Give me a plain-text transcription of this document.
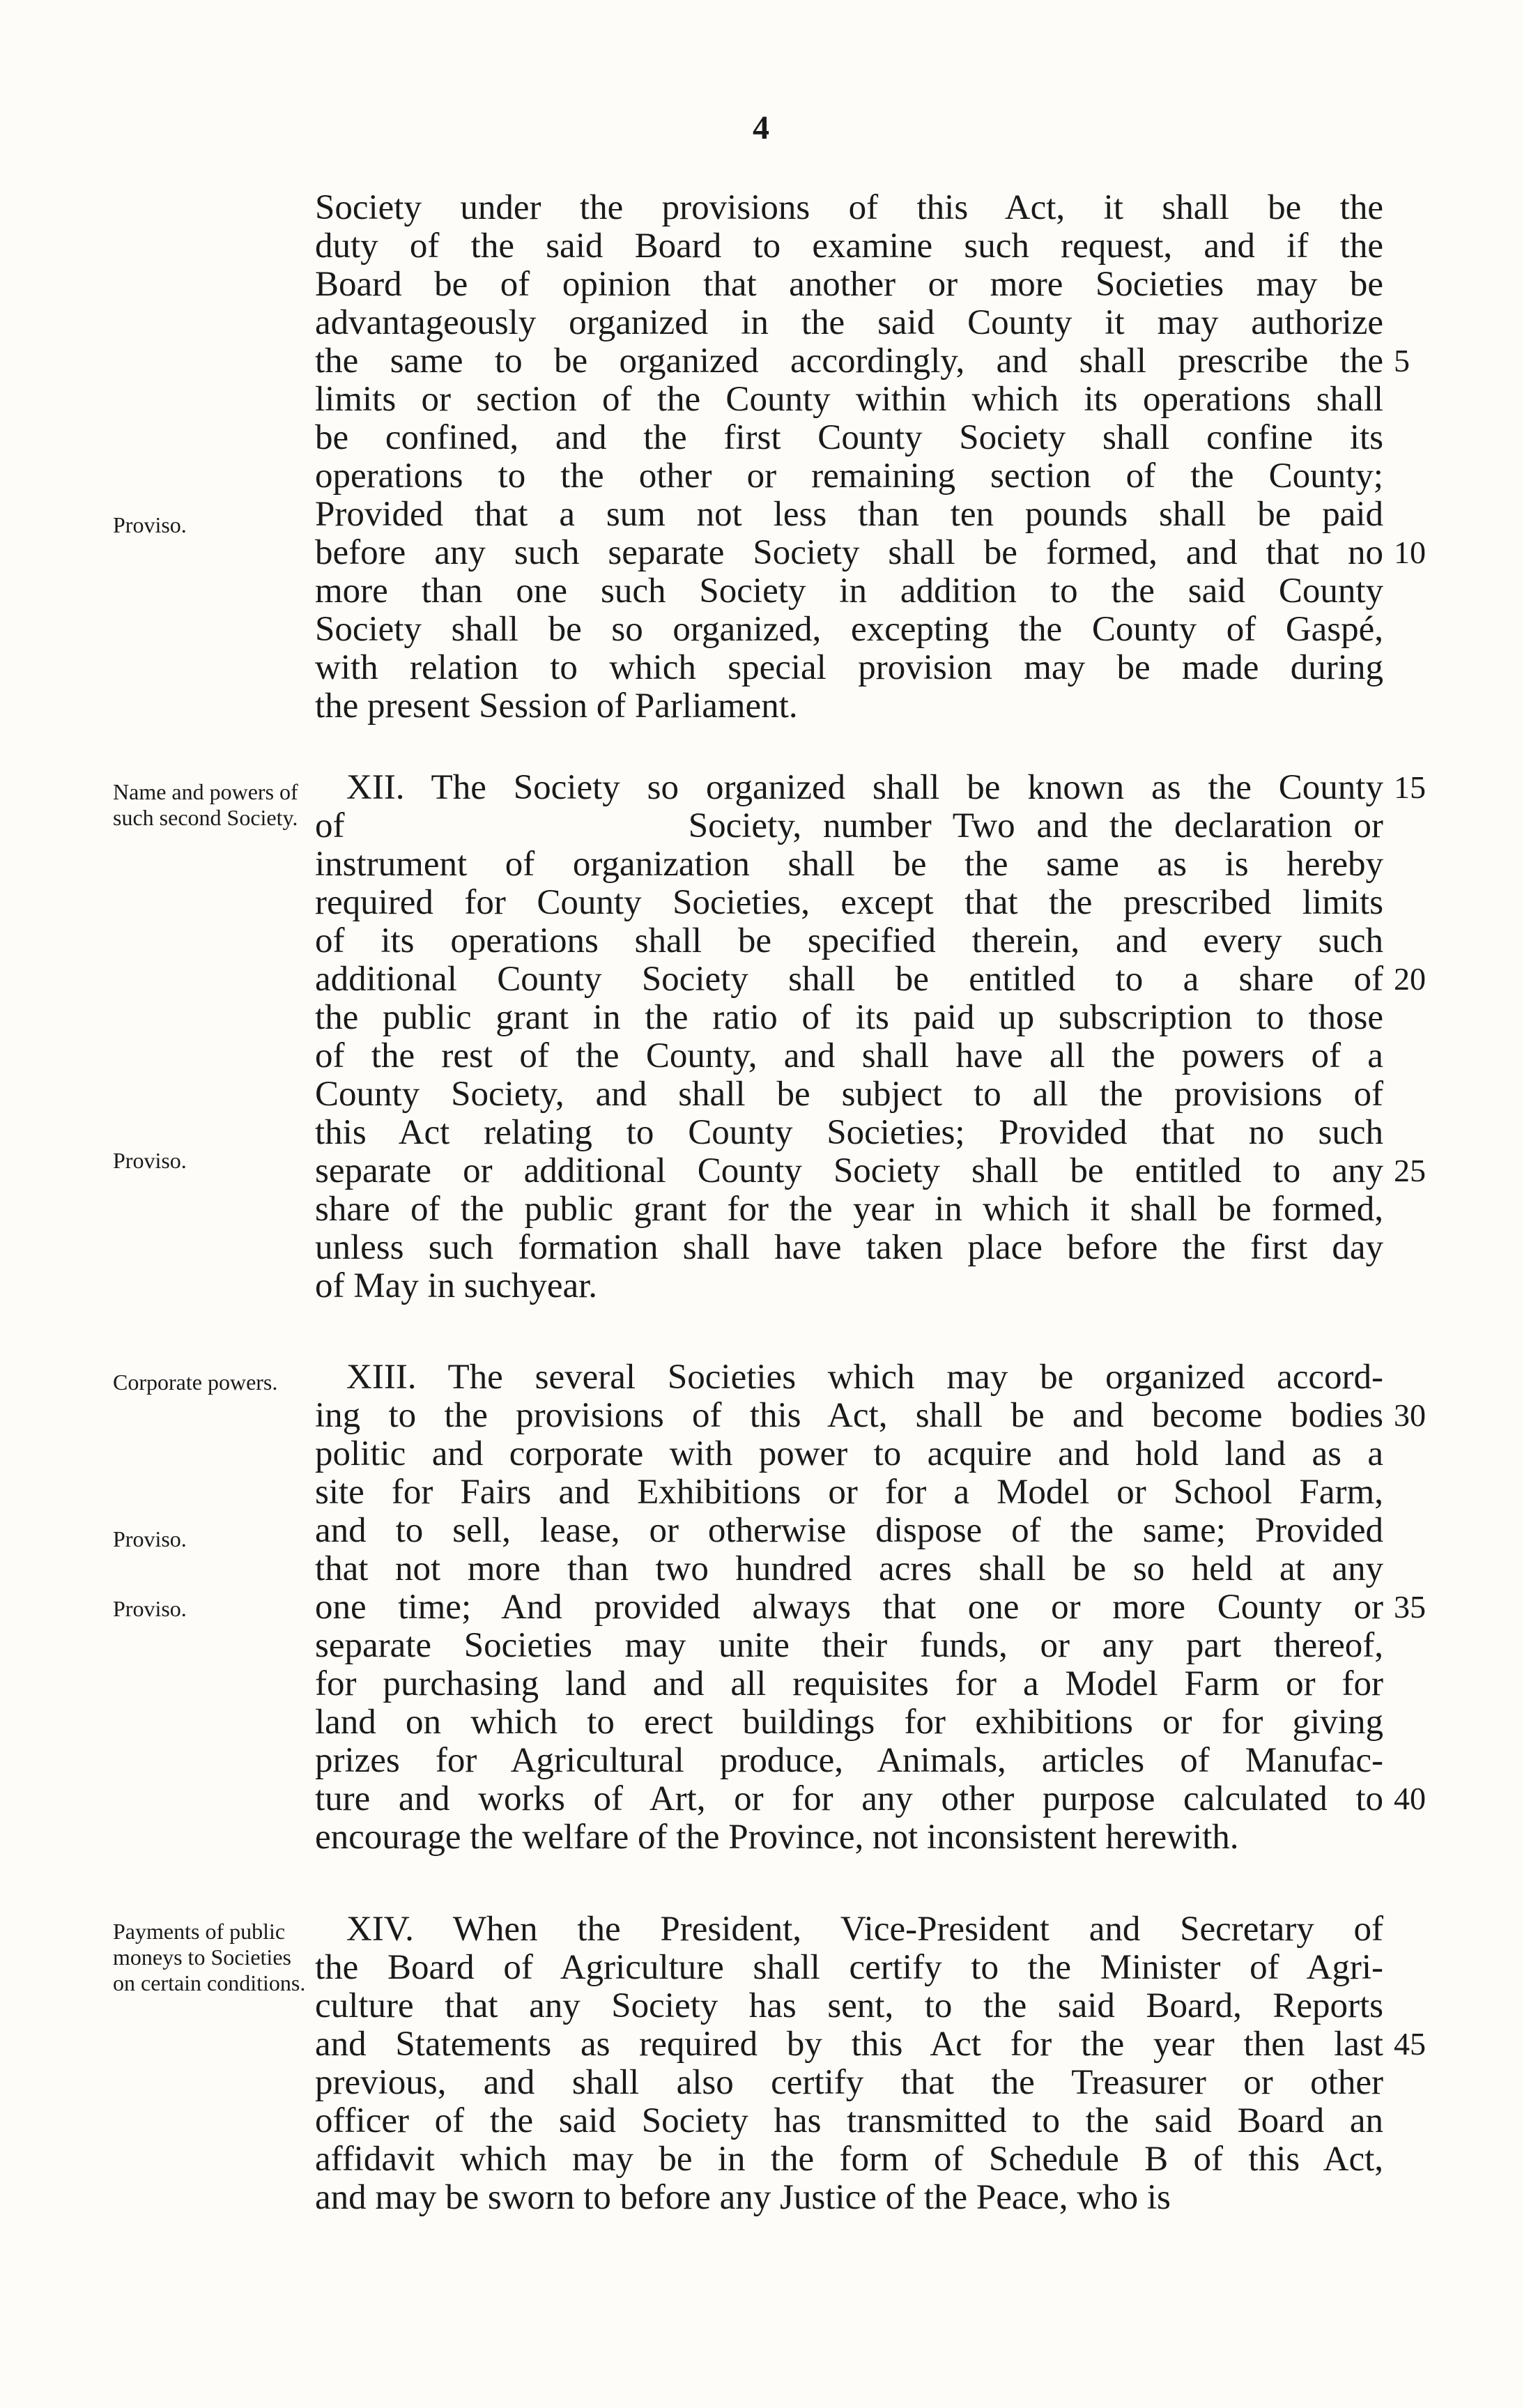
4
Proviso.
Name and powers of such second Society.
Proviso.
Corporate powers.
Proviso.
Proviso.
Payments of public moneys to Societies on certain conditions.
Society under the provisions of this Act, it shall be the
duty of the said Board to examine such request, and if the
Board be of opinion that another or more Societies may be
advantageously organized in the said County it may authorize
the same to be organized accordingly, and shall prescribe the 5
limits or section of the County within which its operations shall
be confined, and the first County Society shall confine its
operations to the other or remaining section of the County;
Provided that a sum not less than ten pounds shall be paid
before any such separate Society shall be formed, and that no 10
more than one such Society in addition to the said County
Society shall be so organized, excepting the County of Gaspé,
with relation to which special provision may be made during
the present Session of Parliament.
XII. The Society so organized shall be known as the County 15
of                Society, number Two and the declaration or
instrument of organization shall be the same as is hereby
required for County Societies, except that the prescribed limits
of its operations shall be specified therein, and every such
additional County Society shall be entitled to a share of 20
the public grant in the ratio of its paid up subscription to those
of the rest of the County, and shall have all the powers of a
County Society, and shall be subject to all the provisions of
this Act relating to County Societies; Provided that no such
separate or additional County Society shall be entitled to any 25
share of the public grant for the year in which it shall be formed,
unless such formation shall have taken place before the first day
of May in suchyear.
XIII. The several Societies which may be organized accord-
ing to the provisions of this Act, shall be and become bodies 30
politic and corporate with power to acquire and hold land as a
site for Fairs and Exhibitions or for a Model or School Farm,
and to sell, lease, or otherwise dispose of the same; Provided
that not more than two hundred acres shall be so held at any
one time; And provided always that one or more County or 35
separate Societies may unite their funds, or any part thereof,
for purchasing land and all requisites for a Model Farm or for
land on which to erect buildings for exhibitions or for giving
prizes for Agricultural produce, Animals, articles of Manufac-
ture and works of Art, or for any other purpose calculated to 40
encourage the welfare of the Province, not inconsistent herewith.
XIV. When the President, Vice-President and Secretary of
the Board of Agriculture shall certify to the Minister of Agri-
culture that any Society has sent, to the said Board, Reports
and Statements as required by this Act for the year then last 45
previous, and shall also certify that the Treasurer or other
officer of the said Society has transmitted to the said Board an
affidavit which may be in the form of Schedule B of this Act,
and may be sworn to before any Justice of the Peace, who is
